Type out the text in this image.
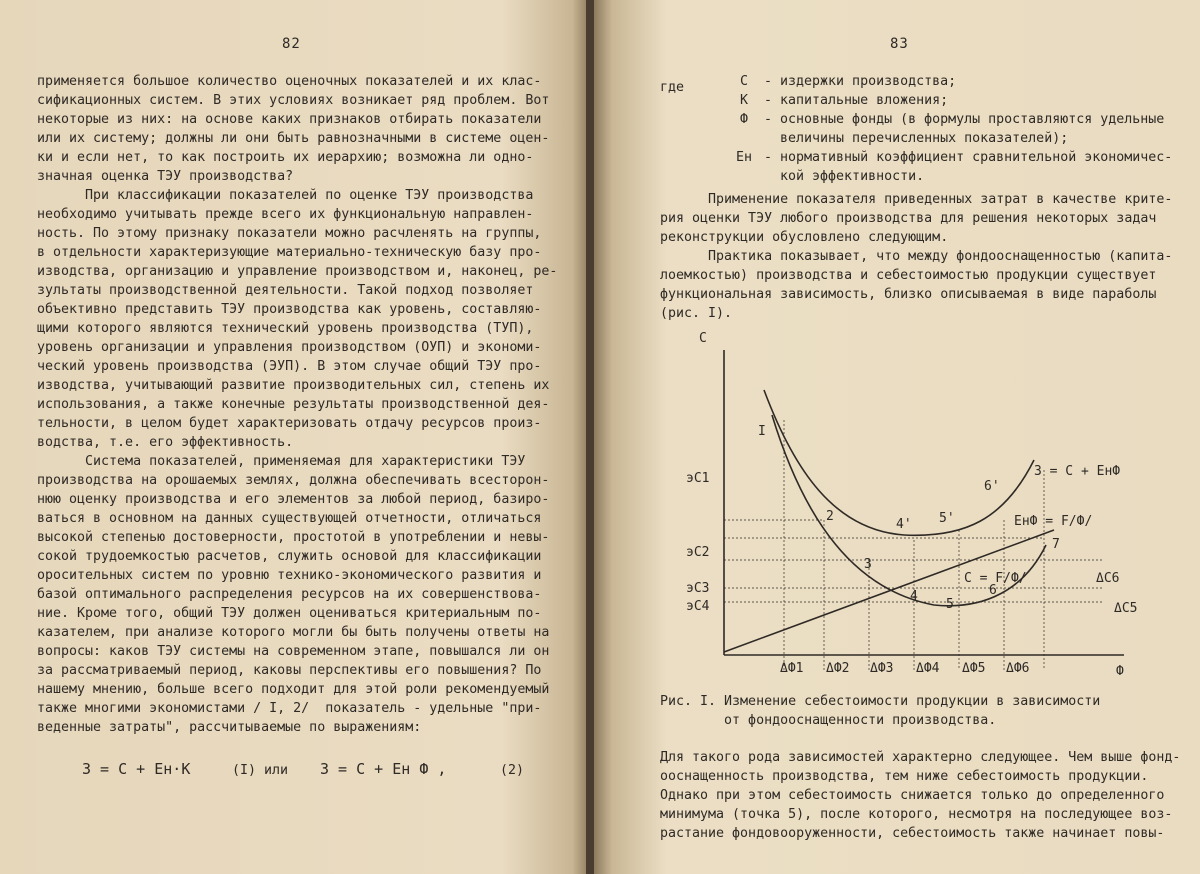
82
применяется большое количество оценочных показателей и их клас-
сификационных систем. В этих условиях возникает ряд проблем. Вот
некоторые из них: на основе каких признаков отбирать показатели
или их систему; должны ли они быть равнозначными в системе оцен-
ки и если нет, то как построить их иерархию; возможна ли одно-
значная оценка ТЭУ производства?
При классификации показателей по оценке ТЭУ производства
необходимо учитывать прежде всего их функциональную направлен-
ность. По этому признаку показатели можно расчленять на группы,
в отдельности характеризующие материально-техническую базу про-
изводства, организацию и управление производством и, наконец, ре-
зультаты производственной деятельности. Такой подход позволяет
объективно представить ТЭУ производства как уровень, составляю-
щими которого являются технический уровень производства (ТУП),
уровень организации и управления производством (ОУП) и экономи-
ческий уровень производства (ЭУП). В этом случае общий ТЭУ про-
изводства, учитывающий развитие производительных сил, степень их
использования, а также конечные результаты производственной дея-
тельности, в целом будет характеризовать отдачу ресурсов произ-
водства, т.е. его эффективность.
Система показателей, применяемая для характеристики ТЭУ
производства на орошаемых землях, должна обеспечивать всесторон-
нюю оценку производства и его элементов за любой период, базиро-
ваться в основном на данных существующей отчетности, отличаться
высокой степенью достоверности, простотой в употреблении и невы-
сокой трудоемкостью расчетов, служить основой для классификации
оросительных систем по уровню технико-экономического развития и
базой оптимального распределения ресурсов на их совершенствова-
ние. Кроме того, общий ТЭУ должен оцениваться критериальным по-
казателем, при анализе которого могли бы быть получены ответы на
вопросы: каков ТЭУ системы на современном этапе, повышался ли он
за рассматриваемый период, каковы перспективы его повышения? По
нашему мнению, больше всего подходит для этой роли рекомендуемый
также многими экономистами / I, 2/  показатель - удельные "при-
веденные затраты", рассчитываемые по выражениям:
З = С + Ен·К	(I) или З = С + Ен Ф ,	(2)
83
где	С	- издержки производства;
К	- капитальные вложения;
Ф	- основные фонды (в формулы проставляются удельные
величины перечисленных показателей);
Ен - нормативный коэффициент сравнительной экономичес-
кой эффективности.
Применение показателя приведенных затрат в качестве крите-
рия оценки ТЭУ любого производства для решения некоторых задач
реконструкции обусловлено следующим.
Практика показывает, что между фондооснащенностью (капита-
лоемкостью) производства и себестоимостью продукции существует
функциональная зависимость, близко описываемая в виде параболы
(рис. I).
С
Ф
З = С + ЕнФ
ЕнФ = F/Ф/
С = F/Ф/
I
2
4' 5'
6'
3
4
5
6
7
эС1
эС2
эС3
эС4
ΔС6
ΔС5
ΔФ1 ΔФ2 ΔФ3 ΔФ4 ΔФ5 ΔФ6
Рис. I. Изменение себестоимости продукции в зависимости
от фондооснащенности производства.
Для такого рода зависимостей характерно следующее. Чем выше фонд-
ооснащенность производства, тем ниже себестоимость продукции.
Однако при этом себестоимость снижается только до определенного
минимума (точка 5), после которого, несмотря на последующее воз-
растание фондовооруженности, себестоимость также начинает повы-
